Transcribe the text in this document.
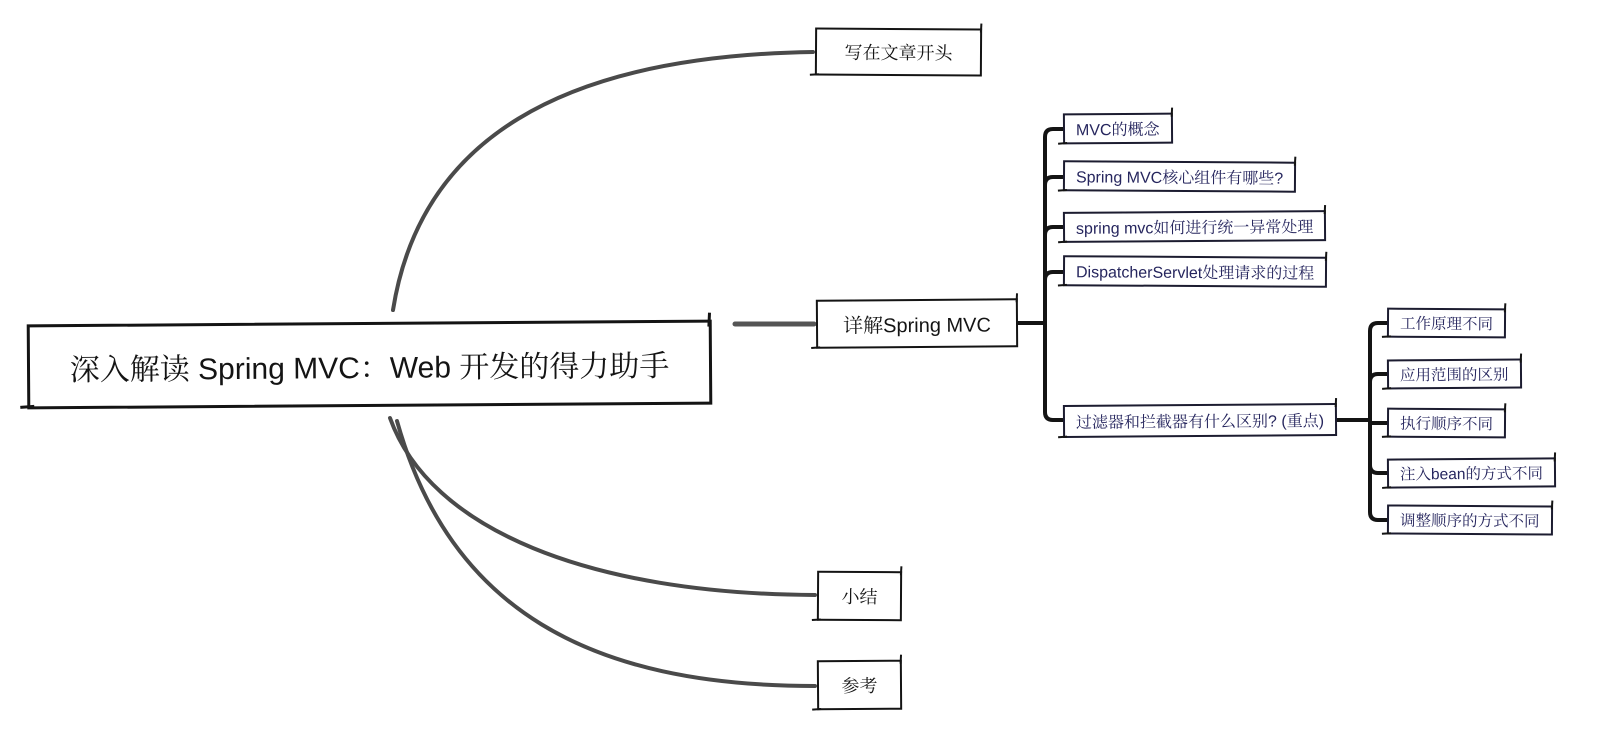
深入解读 Spring MVC：Web 开发的得力助手
写在文章开头
详解Spring MVC
小结
参考
MVC的概念
Spring MVC核心组件有哪些?
spring mvc如何进行统一异常处理
DispatcherServlet处理请求的过程
过滤器和拦截器有什么区别? (重点)
工作原理不同
应用范围的区别
执行顺序不同
注入bean的方式不同
调整顺序的方式不同
